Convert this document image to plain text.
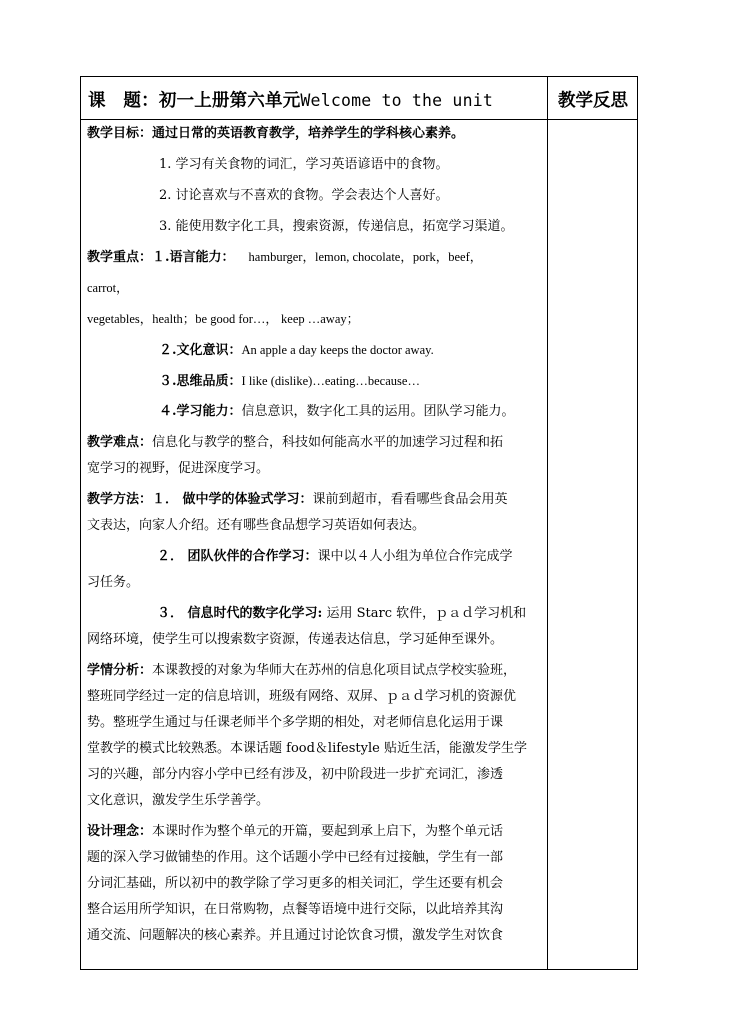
课　题：初一上册第六单元Welcome to the unit	教学反思
教学目标：通过日常的英语教育教学，培养学生的学科核心素养。
1. 学习有关食物的词汇，学习英语谚语中的食物。
2. 讨论喜欢与不喜欢的食物。学会表达个人喜好。
3. 能使用数字化工具，搜索资源，传递信息，拓宽学习渠道。
教学重点：１.语言能力： hamburger，lemon, chocolate，pork，beef，
carrot，
vegetables，health；be good for…， keep …away；
２.文化意识：An apple a day keeps the doctor away.
３.思维品质：I like (dislike)…eating…because…
４.学习能力：信息意识，数字化工具的运用。团队学习能力。
教学难点：信息化与教学的整合，科技如何能高水平的加速学习过程和拓
宽学习的视野，促进深度学习。
教学方法：１． 做中学的体验式学习：课前到超市，看看哪些食品会用英
文表达，向家人介绍。还有哪些食品想学习英语如何表达。
２． 团队伙伴的合作学习：课中以４人小组为单位合作完成学
习任务。
３． 信息时代的数字化学习: 运用 Starc 软件，ｐａｄ学习机和
网络环境，使学生可以搜索数字资源，传递表达信息，学习延伸至课外。
学情分析：本课教授的对象为华师大在苏州的信息化项目试点学校实验班，
整班同学经过一定的信息培训，班级有网络、双屏、ｐａｄ学习机的资源优
势。整班学生通过与任课老师半个多学期的相处，对老师信息化运用于课
堂教学的模式比较熟悉。本课话题 food＆lifestyle 贴近生活，能激发学生学
习的兴趣，部分内容小学中已经有涉及，初中阶段进一步扩充词汇，渗透
文化意识，激发学生乐学善学。
设计理念：本课时作为整个单元的开篇，要起到承上启下，为整个单元话
题的深入学习做铺垫的作用。这个话题小学中已经有过接触，学生有一部
分词汇基础，所以初中的教学除了学习更多的相关词汇，学生还要有机会
整合运用所学知识，在日常购物，点餐等语境中进行交际，以此培养其沟
通交流、问题解决的核心素养。并且通过讨论饮食习惯，激发学生对饮食
